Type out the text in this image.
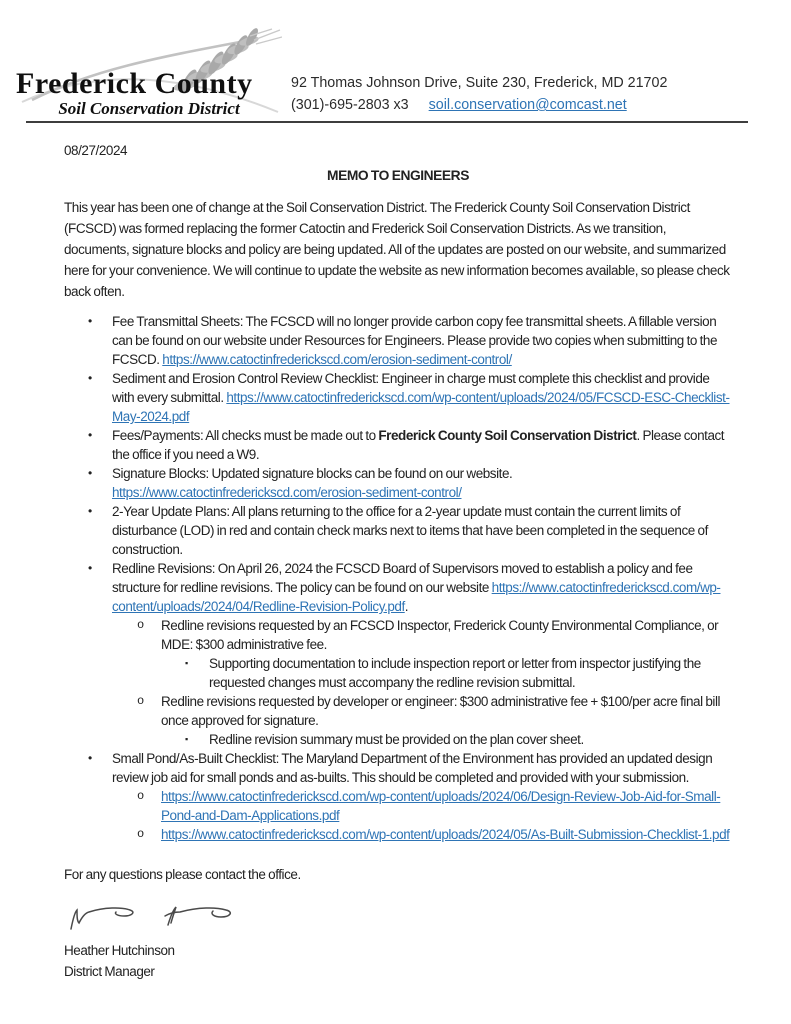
Frederick County
Soil Conservation District
92 Thomas Johnson Drive, Suite 230, Frederick, MD 21702
(301)-695-2803 x3 soil.conservation@comcast.net
08/27/2024
MEMO TO ENGINEERS

This year has been one of change at the Soil Conservation District. The Frederick County Soil Conservation District (FCSCD) was formed replacing the former Catoctin and Frederick Soil Conservation Districts. As we transition, documents, signature blocks and policy are being updated. All of the updates are posted on our website, and summarized here for your convenience. We will continue to update the website as new information becomes available, so please check back often.

•	Fee Transmittal Sheets: The FCSCD will no longer provide carbon copy fee transmittal sheets. A fillable version can be found on our website under Resources for Engineers. Please provide two copies when submitting to the FCSCD. https://www.catoctinfrederickscd.com/erosion-sediment-control/
•	Sediment and Erosion Control Review Checklist: Engineer in charge must complete this checklist and provide with every submittal. https://www.catoctinfrederickscd.com/wp-content/uploads/2024/05/FCSCD-ESC-Checklist-May-2024.pdf
•	Fees/Payments: All checks must be made out to Frederick County Soil Conservation District. Please contact the office if you need a W9.
•	Signature Blocks: Updated signature blocks can be found on our website. https://www.catoctinfrederickscd.com/erosion-sediment-control/
•	2-Year Update Plans: All plans returning to the office for a 2-year update must contain the current limits of disturbance (LOD) in red and contain check marks next to items that have been completed in the sequence of construction.
•	Redline Revisions: On April 26, 2024 the FCSCD Board of Supervisors moved to establish a policy and fee structure for redline revisions. The policy can be found on our website https://www.catoctinfrederickscd.com/wp-content/uploads/2024/04/Redline-Revision-Policy.pdf.
o	Redline revisions requested by an FCSCD Inspector, Frederick County Environmental Compliance, or MDE: $300 administrative fee.
▪	Supporting documentation to include inspection report or letter from inspector justifying the requested changes must accompany the redline revision submittal.
o	Redline revisions requested by developer or engineer: $300 administrative fee + $100/per acre final bill once approved for signature.
▪	Redline revision summary must be provided on the plan cover sheet.
•	Small Pond/As-Built Checklist: The Maryland Department of the Environment has provided an updated design review job aid for small ponds and as-builts. This should be completed and provided with your submission.
o	https://www.catoctinfrederickscd.com/wp-content/uploads/2024/06/Design-Review-Job-Aid-for-Small-Pond-and-Dam-Applications.pdf
o	https://www.catoctinfrederickscd.com/wp-content/uploads/2024/05/As-Built-Submission-Checklist-1.pdf

For any questions please contact the office.

Heather Hutchinson
District Manager
